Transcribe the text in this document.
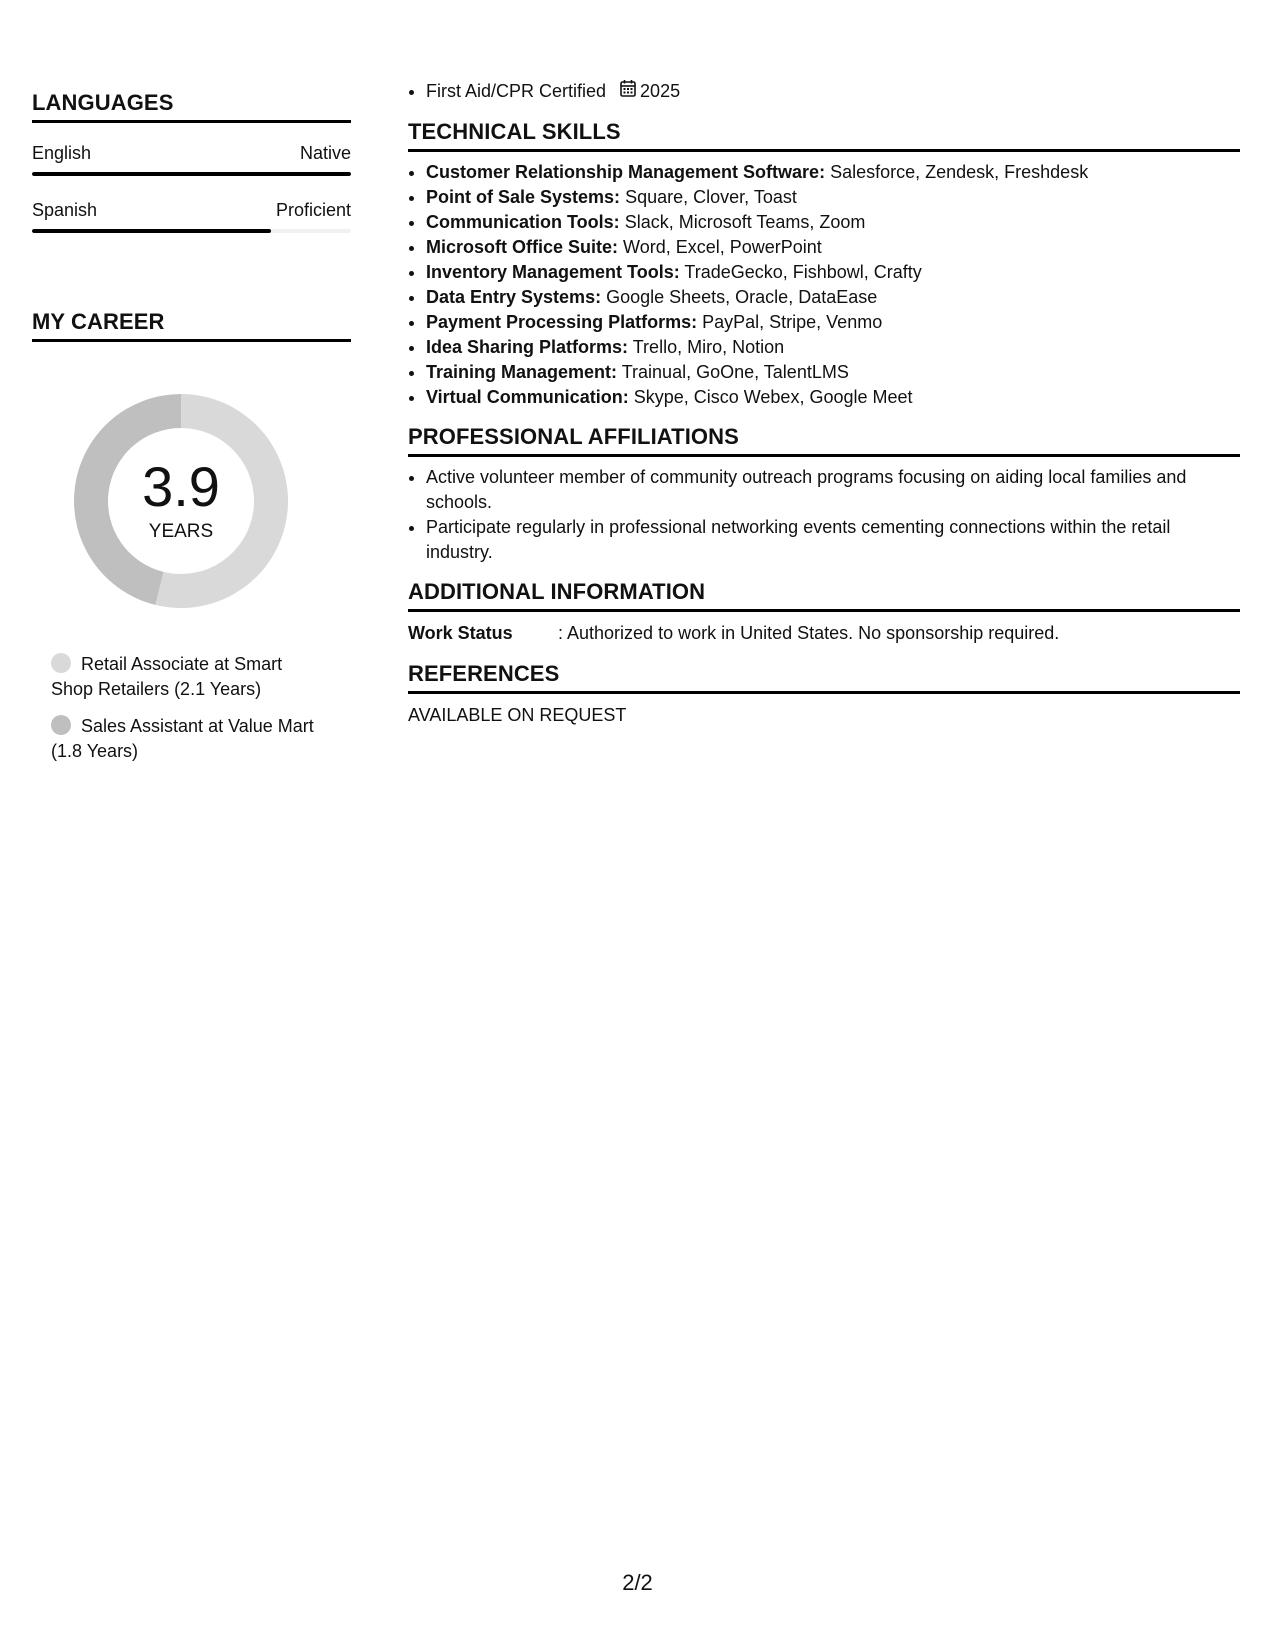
LANGUAGES
English	Native
Spanish	Proficient
MY CAREER
3.9
YEARS
Retail Associate at Smart Shop Retailers (2.1 Years)
Sales Assistant at Value Mart (1.8 Years)
• First Aid/CPR Certified 2025
TECHNICAL SKILLS
• Customer Relationship Management Software: Salesforce, Zendesk, Freshdesk
• Point of Sale Systems: Square, Clover, Toast
• Communication Tools: Slack, Microsoft Teams, Zoom
• Microsoft Office Suite: Word, Excel, PowerPoint
• Inventory Management Tools: TradeGecko, Fishbowl, Crafty
• Data Entry Systems: Google Sheets, Oracle, DataEase
• Payment Processing Platforms: PayPal, Stripe, Venmo
• Idea Sharing Platforms: Trello, Miro, Notion
• Training Management: Trainual, GoOne, TalentLMS
• Virtual Communication: Skype, Cisco Webex, Google Meet
PROFESSIONAL AFFILIATIONS
• Active volunteer member of community outreach programs focusing on aiding local families and schools.
• Participate regularly in professional networking events cementing connections within the retail industry.
ADDITIONAL INFORMATION
Work Status	: Authorized to work in United States. No sponsorship required.
REFERENCES
AVAILABLE ON REQUEST
2/2
